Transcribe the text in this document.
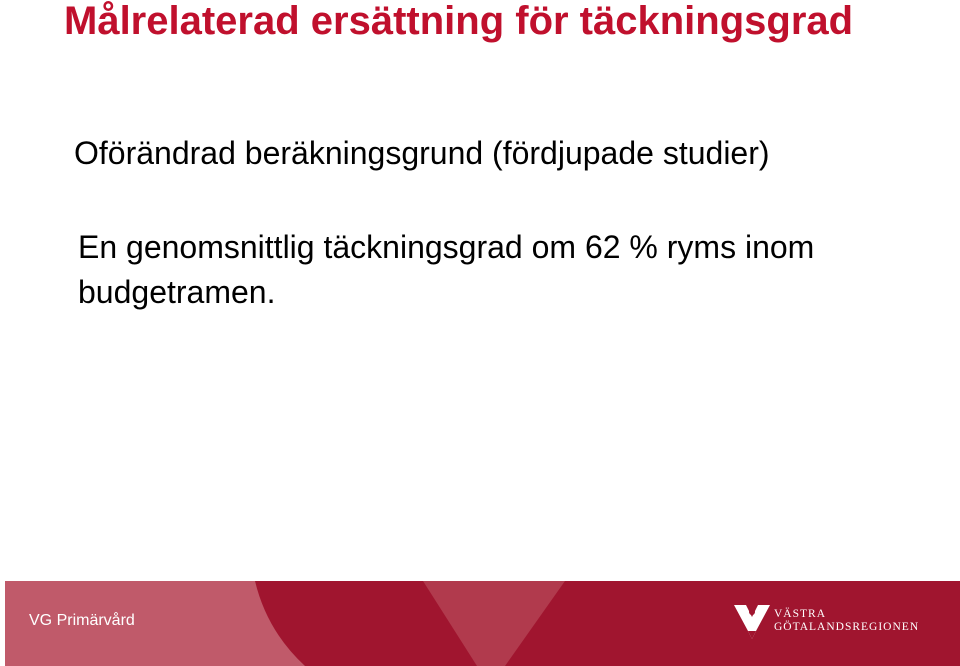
Målrelaterad ersättning för täckningsgrad
Oförändrad beräkningsgrund (fördjupade studier)
En genomsnittlig täckningsgrad om 62 % ryms inom budgetramen.
VG Primärvård	VÄSTRA
GÖTALANDSREGIONEN
